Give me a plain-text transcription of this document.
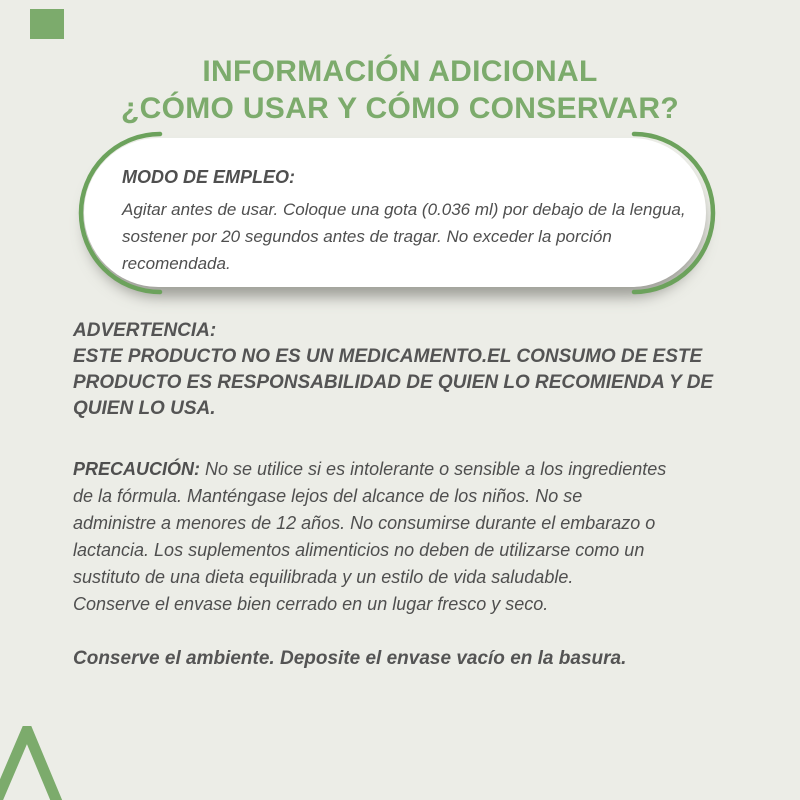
INFORMACIÓN ADICIONAL
¿CÓMO USAR Y CÓMO CONSERVAR?
MODO DE EMPLEO:
Agitar antes de usar. Coloque una gota (0.036 ml) por debajo de la lengua,
sostener por 20 segundos antes de tragar. No exceder la porción recomendada.
ADVERTENCIA:
ESTE PRODUCTO NO ES UN MEDICAMENTO.EL CONSUMO DE ESTE
PRODUCTO ES RESPONSABILIDAD DE QUIEN LO RECOMIENDA Y DE
QUIEN LO USA.
PRECAUCIÓN: No se utilice si es intolerante o sensible a los ingredientes
de la fórmula. Manténgase lejos del alcance de los niños. No se
administre a menores de 12 años. No consumirse durante el embarazo o
lactancia. Los suplementos alimenticios no deben de utilizarse como un
sustituto de una dieta equilibrada y un estilo de vida saludable.
Conserve el envase bien cerrado en un lugar fresco y seco.
Conserve el ambiente. Deposite el envase vacío en la basura.
